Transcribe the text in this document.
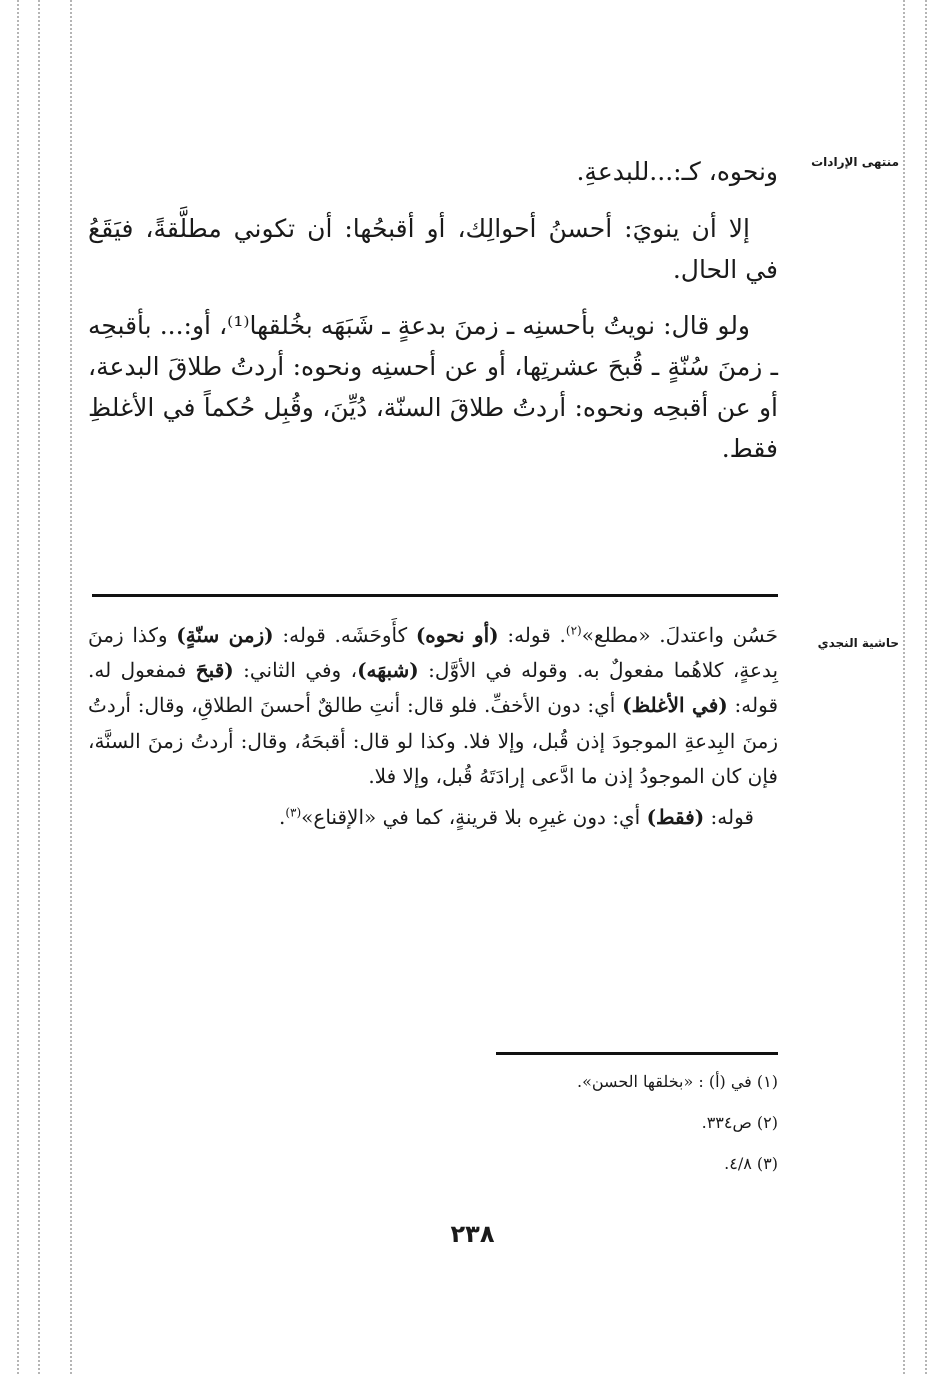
منتهى الإرادات
حاشية النجدي

ونحوه، كـ:...للبدعةِ.

إلا أن ينويَ: أحسنُ أحوالِك، أو أقبحُها: أن تكوني مطلَّقةً، فيَقَعُ في الحال.

ولو قال: نويتُ بأحسنِه ـ زمنَ بدعةٍ ـ شَبَهَه بخُلقها⁽¹⁾، أو:... بأقبحِه ـ زمنَ سُنّةٍ ـ قُبحَ عشرتِها، أو عن أحسنِه ونحوه: أردتُ طلاقَ البدعة، أو عن أقبحِه ونحوه: أردتُ طلاقَ السنّة، دُيِّنَ، وقُبِل حُكماً في الأغلظِ فقط.

حَسُن واعتدلَ. «مطلع»$^{(٢)}$. قوله: (أو نحوه) كأَوحَشَه. قوله: (زمن سنّةٍ) وكذا زمنَ بِدعةٍ، كلاهُما مفعولٌ به. وقوله في الأوَّل: (شبهَه)، وفي الثاني: (قبحَ فمفعول له. قوله: (في الأغلظ) أي: دون الأخفِّ. فلو قال: أنتِ طالقٌ أحسنَ الطلاقِ، وقال: أردتُ زمنَ البِدعةِ الموجودَ إذن قُبل، وإلا فلا. وكذا لو قال: أقبحَهُ، وقال: أردتُ زمنَ السنَّة، فإن كان الموجودُ إذن ما ادَّعى إرادَتَهُ قُبل، وإلا فلا.

قوله: (فقط) أي: دون غيرِه بلا قرينةٍ، كما في «الإقناع»$^{(٣)}$.

(١) في (أ) : «بخلقها الحسن».
(٢) ص٣٣٤.
(٣) ٤/٨.
٢٣٨
